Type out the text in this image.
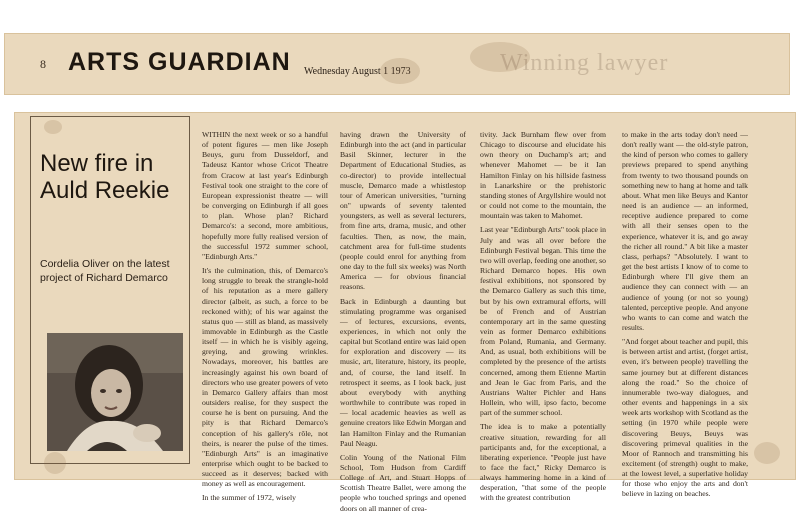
8 ARTS GUARDIAN Wednesday August 1 1973	Winning lawyer
New fire in Auld Reekie
Cordelia Oliver on the latest project of Richard Demarco

WITHIN the next week or so a handful of potent figures — men like Joseph Beuys, guru from Dusseldorf, and Tadeusz Kantor whose Cricot Theatre from Cracow at last year's Edinburgh Festival took one straight to the core of European expressionist theatre — will be converging on Edinburgh if all goes to plan. Whose plan? Richard Demarco's: a second, more ambitious, hopefully more fully realised version of the successful 1972 summer school, "Edinburgh Arts."

It's the culmination, this, of Demarco's long struggle to break the strangle-hold of his reputation as a mere gallery director (albeit, as such, a force to be reckoned with); of his war against the status quo — still as bland, as massively immovable in Edinburgh as the Castle itself — in which he is visibly ageing, greying, and growing wrinkles. Nowadays, moreover, his battles are increasingly against his own board of directors who use greater powers of veto in Demarco Gallery affairs than most outsiders realise, for they suspect the course he is bent on pursuing. And the pity is that Richard Demarco's conception of his gallery's rôle, not theirs, is nearer the pulse of the times. "Edinburgh Arts" is an imaginative enterprise which ought to be backed to succeed as it deserves; backed with money as well as encouragement.

In the summer of 1972, wisely

having drawn the University of Edinburgh into the act (and in particular Basil Skinner, lecturer in the Department of Educational Studies, as co-director) to provide intellectual muscle, Demarco made a whistlestop tour of American universities, "turning on" upwards of seventy talented youngsters, as well as several lecturers, from fine arts, drama, music, and other faculties. Then, as now, the main, catchment area for full-time students (people could enrol for anything from one day to the full six weeks) was North America — for obvious financial reasons.

Back in Edinburgh a daunting but stimulating programme was organised — of lectures, excursions, events, experiences, in which not only the capital but Scotland entire was laid open for exploration and discovery — its music, art, literature, history, its people, and, of course, the land itself. In retrospect it seems, as I look back, just about everybody with anything worthwhile to contribute was roped in — local academic heavies as well as genuine creators like Edwin Morgan and Ian Hamilton Finlay and the Rumanian Paul Neagu.

Colin Young of the National Film School, Tom Hudson from Cardiff College of Art, and Stuart Hopps of Scottish Theatre Ballet, were among the people who touched springs and opened doors on all manner of crea-

tivity. Jack Burnham flew over from Chicago to discourse and elucidate his own theory on Duchamp's art; and whenever Mahomet — be it Ian Hamilton Finlay on his hillside fastness in Lanarkshire or the prehistoric standing stones of Argyllshire would not or could not come to the mountain, the mountain was taken to Mahomet.

Last year "Edinburgh Arts" took place in July and was all over before the Edinburgh Festival began. This time the two will overlap, feeding one another, so Richard Demarco hopes. His own festival exhibitions, not sponsored by the Demarco Gallery as such this time, but by his own extramural efforts, will be of French and of Austrian contemporary art in the same questing vein as former Demarco exhibitions from Poland, Rumania, and Germany. And, as usual, both exhibitions will be completed by the presence of the artists concerned, among them Etienne Martin and Jean le Gac from Paris, and the Austrians Walter Pichler and Hans Hollein, who will, ipso facto, become part of the summer school.

The idea is to make a potentially creative situation, rewarding for all participants and, for the exceptional, a liberating experience. "People just have to face the fact," Ricky Demarco is always hammering home in a kind of desperation, "that some of the people with the greatest contribution

to make in the arts today don't need — don't really want — the old-style patron, the kind of person who comes to gallery previews prepared to spend anything from twenty to two thousand pounds on something new to hang at home and talk about. What men like Beuys and Kantor need is an audience — an informed, receptive audience prepared to come with all their senses open to the experience, whatever it is, and go away the richer all round." A bit like a master class, perhaps? "Absolutely. I want to get the best artists I know of to come to Edinburgh where I'll give them an audience they can connect with — an audience of young (or not so young) talented, perceptive people. And anyone who wants to can come and watch the results.

"And forget about teacher and pupil, this is between artist and artist, (forget artist, even, it's between people) travelling the same journey but at different distances along the road." So the choice of innumerable two-way dialogues, and other events and happenings in a six week arts workshop with Scotland as the setting (in 1970 while people were discovering Beuys, Beuys was discovering primeval qualities in the Moor of Rannoch and transmitting his excitement (of strength) ought to make, at the lowest level, a superlative holiday for those who enjoy the arts and don't believe in lazing on beaches.
